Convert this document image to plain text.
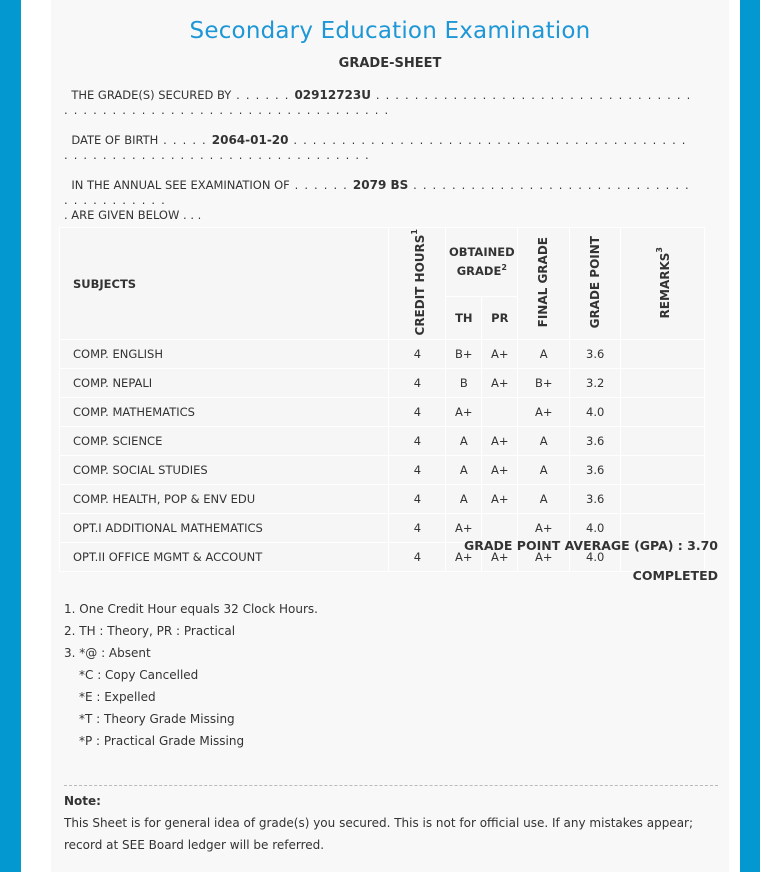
Secondary Education Examination
GRADE-SHEET
THE GRADE(S) SECURED BY . . . . . . 02912723U . . . . . . . . . . . . . . . . . . . . . . . . . . . . . . . . . . . . . . . . . . . . . . . . . . . . . . . . . . . . . . . . . . .
DATE OF BIRTH . . . . . 2064-01-20 . . . . . . . . . . . . . . . . . . . . . . . . . . . . . . . . . . . . . . . . . . . . . . . . . . . . . . . . . . . . . . . . . . . . . . . . .
IN THE ANNUAL SEE EXAMINATION OF . . . . . . 2079 BS . . . . . . . . . . . . . . . . . . . . . . . . . . . . . . . . . . . . . . . .
. ARE GIVEN BELOW . . .
SUBJECTS	CREDIT HOURS$^1$	OBTAINED GRADE$^2$		FINAL GRADE	GRADE POINT	REMARKS$^3$
		TH	PR			
COMP. ENGLISH	4	B+	A+	A	3.6	
COMP. NEPALI	4	B	A+	B+	3.2	
COMP. MATHEMATICS	4	A+		A+	4.0	
COMP. SCIENCE	4	A	A+	A	3.6	
COMP. SOCIAL STUDIES	4	A	A+	A	3.6	
COMP. HEALTH, POP & ENV EDU	4	A	A+	A	3.6	
OPT.I ADDITIONAL MATHEMATICS	4	A+		A+	4.0	
OPT.II OFFICE MGMT & ACCOUNT	4	A+	A+	A+	4.0	
GRADE POINT AVERAGE (GPA) : 3.70
COMPLETED
1. One Credit Hour equals 32 Clock Hours.
2. TH : Theory, PR : Practical
3. *@ : Absent
*C : Copy Cancelled
*E : Expelled
*T : Theory Grade Missing
*P : Practical Grade Missing
Note:
This Sheet is for general idea of grade(s) you secured. This is not for official use. If any mistakes appear; record at SEE Board ledger will be referred.
